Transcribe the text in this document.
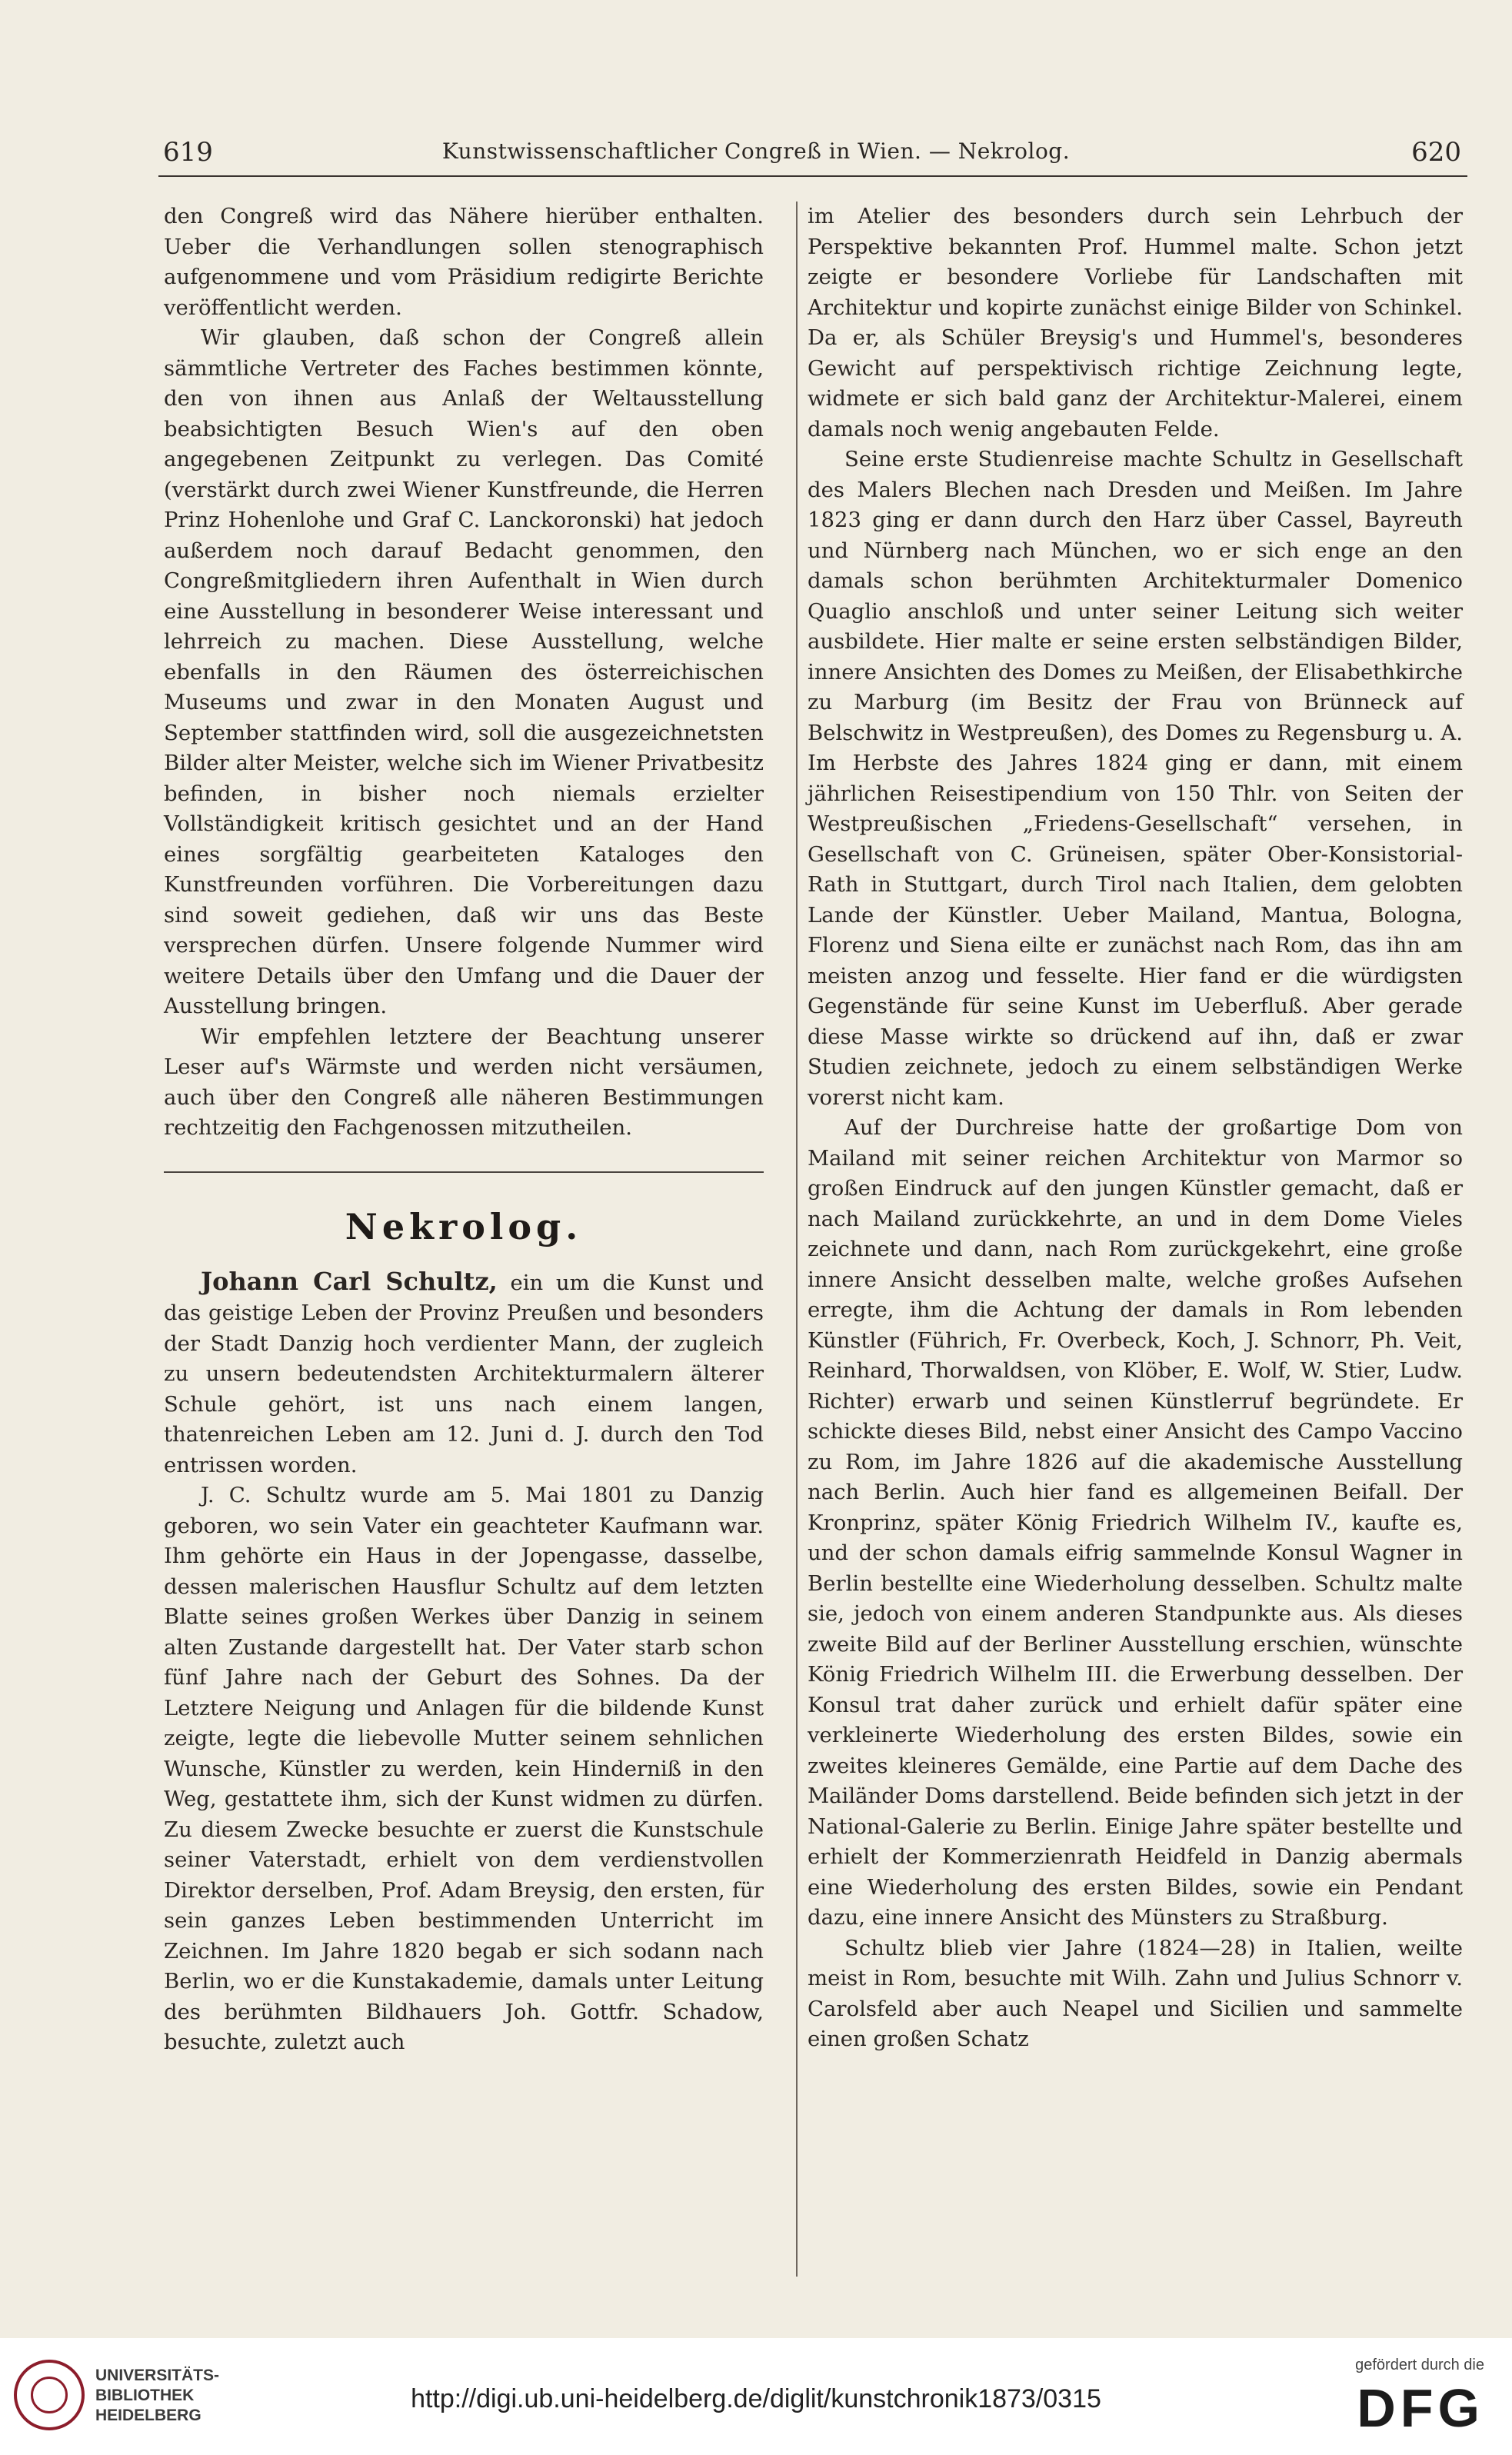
619	Kunstwissenschaftlicher Congreß in Wien. — Nekrolog.	620

den Congreß wird das Nähere hierüber enthalten. Ueber die Verhandlungen sollen stenographisch aufgenommene und vom Präsidium redigirte Berichte veröffentlicht werden.

Wir glauben, daß schon der Congreß allein sämmtliche Vertreter des Faches bestimmen könnte, den von ihnen aus Anlaß der Weltausstellung beabsichtigten Besuch Wien's auf den oben angegebenen Zeitpunkt zu verlegen. Das Comité (verstärkt durch zwei Wiener Kunstfreunde, die Herren Prinz Hohenlohe und Graf C. Lanckoronski) hat jedoch außerdem noch darauf Bedacht genommen, den Congreßmitgliedern ihren Aufenthalt in Wien durch eine Ausstellung in besonderer Weise interessant und lehrreich zu machen. Diese Ausstellung, welche ebenfalls in den Räumen des österreichischen Museums und zwar in den Monaten August und September stattfinden wird, soll die ausgezeichnetsten Bilder alter Meister, welche sich im Wiener Privatbesitz befinden, in bisher noch niemals erzielter Vollständigkeit kritisch gesichtet und an der Hand eines sorgfältig gearbeiteten Kataloges den Kunstfreunden vorführen. Die Vorbereitungen dazu sind soweit gediehen, daß wir uns das Beste versprechen dürfen. Unsere folgende Nummer wird weitere Details über den Umfang und die Dauer der Ausstellung bringen.

Wir empfehlen letztere der Beachtung unserer Leser auf's Wärmste und werden nicht versäumen, auch über den Congreß alle näheren Bestimmungen rechtzeitig den Fachgenossen mitzutheilen.

Nekrolog.

Johann Carl Schultz, ein um die Kunst und das geistige Leben der Provinz Preußen und besonders der Stadt Danzig hoch verdienter Mann, der zugleich zu unsern bedeutendsten Architekturmalern älterer Schule gehört, ist uns nach einem langen, thatenreichen Leben am 12. Juni d. J. durch den Tod entrissen worden.

J. C. Schultz wurde am 5. Mai 1801 zu Danzig geboren, wo sein Vater ein geachteter Kaufmann war. Ihm gehörte ein Haus in der Jopengasse, dasselbe, dessen malerischen Hausflur Schultz auf dem letzten Blatte seines großen Werkes über Danzig in seinem alten Zustande dargestellt hat. Der Vater starb schon fünf Jahre nach der Geburt des Sohnes. Da der Letztere Neigung und Anlagen für die bildende Kunst zeigte, legte die liebevolle Mutter seinem sehnlichen Wunsche, Künstler zu werden, kein Hinderniß in den Weg, gestattete ihm, sich der Kunst widmen zu dürfen. Zu diesem Zwecke besuchte er zuerst die Kunstschule seiner Vaterstadt, erhielt von dem verdienstvollen Direktor derselben, Prof. Adam Breysig, den ersten, für sein ganzes Leben bestimmenden Unterricht im Zeichnen. Im Jahre 1820 begab er sich sodann nach Berlin, wo er die Kunstakademie, damals unter Leitung des berühmten Bildhauers Joh. Gottfr. Schadow, besuchte, zuletzt auch

im Atelier des besonders durch sein Lehrbuch der Perspektive bekannten Prof. Hummel malte. Schon jetzt zeigte er besondere Vorliebe für Landschaften mit Architektur und kopirte zunächst einige Bilder von Schinkel. Da er, als Schüler Breysig's und Hummel's, besonderes Gewicht auf perspektivisch richtige Zeichnung legte, widmete er sich bald ganz der Architektur-Malerei, einem damals noch wenig angebauten Felde.

Seine erste Studienreise machte Schultz in Gesellschaft des Malers Blechen nach Dresden und Meißen. Im Jahre 1823 ging er dann durch den Harz über Cassel, Bayreuth und Nürnberg nach München, wo er sich enge an den damals schon berühmten Architekturmaler Domenico Quaglio anschloß und unter seiner Leitung sich weiter ausbildete. Hier malte er seine ersten selbständigen Bilder, innere Ansichten des Domes zu Meißen, der Elisabethkirche zu Marburg (im Besitz der Frau von Brünneck auf Belschwitz in Westpreußen), des Domes zu Regensburg u. A. Im Herbste des Jahres 1824 ging er dann, mit einem jährlichen Reisestipendium von 150 Thlr. von Seiten der Westpreußischen „Friedens-Gesellschaft“ versehen, in Gesellschaft von C. Grüneisen, später Ober-Konsistorial-Rath in Stuttgart, durch Tirol nach Italien, dem gelobten Lande der Künstler. Ueber Mailand, Mantua, Bologna, Florenz und Siena eilte er zunächst nach Rom, das ihn am meisten anzog und fesselte. Hier fand er die würdigsten Gegenstände für seine Kunst im Ueberfluß. Aber gerade diese Masse wirkte so drückend auf ihn, daß er zwar Studien zeichnete, jedoch zu einem selbständigen Werke vorerst nicht kam.

Auf der Durchreise hatte der großartige Dom von Mailand mit seiner reichen Architektur von Marmor so großen Eindruck auf den jungen Künstler gemacht, daß er nach Mailand zurückkehrte, an und in dem Dome Vieles zeichnete und dann, nach Rom zurückgekehrt, eine große innere Ansicht desselben malte, welche großes Aufsehen erregte, ihm die Achtung der damals in Rom lebenden Künstler (Führich, Fr. Overbeck, Koch, J. Schnorr, Ph. Veit, Reinhard, Thorwaldsen, von Klöber, E. Wolf, W. Stier, Ludw. Richter) erwarb und seinen Künstlerruf begründete. Er schickte dieses Bild, nebst einer Ansicht des Campo Vaccino zu Rom, im Jahre 1826 auf die akademische Ausstellung nach Berlin. Auch hier fand es allgemeinen Beifall. Der Kronprinz, später König Friedrich Wilhelm IV., kaufte es, und der schon damals eifrig sammelnde Konsul Wagner in Berlin bestellte eine Wiederholung desselben. Schultz malte sie, jedoch von einem anderen Standpunkte aus. Als dieses zweite Bild auf der Berliner Ausstellung erschien, wünschte König Friedrich Wilhelm III. die Erwerbung desselben. Der Konsul trat daher zurück und erhielt dafür später eine verkleinerte Wiederholung des ersten Bildes, sowie ein zweites kleineres Gemälde, eine Partie auf dem Dache des Mailänder Doms darstellend. Beide befinden sich jetzt in der National-Galerie zu Berlin. Einige Jahre später bestellte und erhielt der Kommerzienrath Heidfeld in Danzig abermals eine Wiederholung des ersten Bildes, sowie ein Pendant dazu, eine innere Ansicht des Münsters zu Straßburg.

Schultz blieb vier Jahre (1824—28) in Italien, weilte meist in Rom, besuchte mit Wilh. Zahn und Julius Schnorr v. Carolsfeld aber auch Neapel und Sicilien und sammelte einen großen Schatz

UNIVERSITÄTS-
BIBLIOTHEK
HEIDELBERG
http://digi.ub.uni-heidelberg.de/diglit/kunstchronik1873/0315
gefördert durch die
DFG
